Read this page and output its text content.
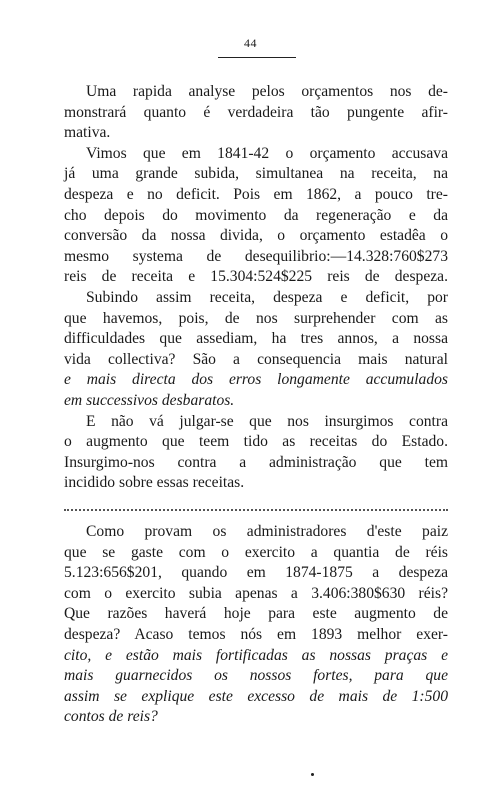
44
Uma rapida analyse pelos orçamentos nos de-
monstrará quanto é verdadeira tão pungente afir-
mativa.
Vimos que em 1841-42 o orçamento accusava
já uma grande subida, simultanea na receita, na
despeza e no deficit. Pois em 1862, a pouco tre-
cho depois do movimento da regeneração e da
conversão da nossa divida, o orçamento estadêa o
mesmo systema de desequilibrio:—14.328:760$273
reis de receita e 15.304:524$225 reis de despeza.
Subindo assim receita, despeza e deficit, por
que havemos, pois, de nos surprehender com as
difficuldades que assediam, ha tres annos, a nossa
vida collectiva? São a consequencia mais natural
e mais directa dos erros longamente accumulados
em successivos desbaratos.
E não vá julgar-se que nos insurgimos contra
o augmento que teem tido as receitas do Estado.
Insurgimo-nos contra a administração que tem
incidido sobre essas receitas.
Como provam os administradores d'este paiz
que se gaste com o exercito a quantia de réis
5.123:656$201, quando em 1874-1875 a despeza
com o exercito subia apenas a 3.406:380$630 réis?
Que razões haverá hoje para este augmento de
despeza? Acaso temos nós em 1893 melhor exer-
cito, e estão mais fortificadas as nossas praças e
mais guarnecidos os nossos fortes, para que
assim se explique este excesso de mais de 1:500
contos de reis?
